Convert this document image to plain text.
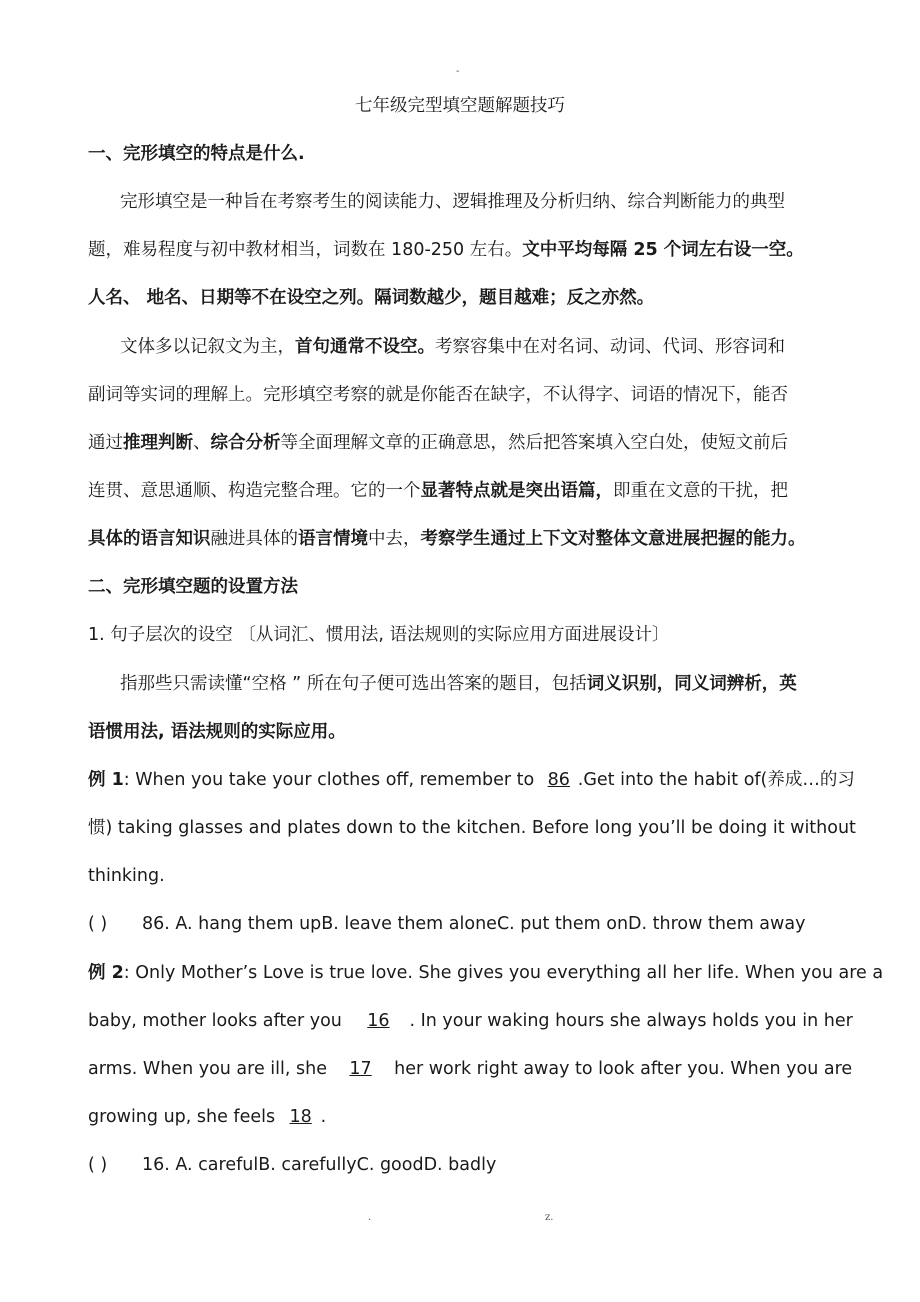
-
七年级完型填空题解题技巧
一、完形填空的特点是什么.
完形填空是一种旨在考察考生的阅读能力、逻辑推理及分析归纳、综合判断能力的典型
题，难易程度与初中教材相当，词数在 180-250 左右。文中平均每隔 25 个词左右设一空。
人名、 地名、日期等不在设空之列。隔词数越少，题目越难；反之亦然。
文体多以记叙文为主，首句通常不设空。考察容集中在对名词、动词、代词、形容词和
副词等实词的理解上。完形填空考察的就是你能否在缺字，不认得字、词语的情况下，能否
通过推理判断、综合分析等全面理解文章的正确意思，然后把答案填入空白处，使短文前后
连贯、意思通顺、构造完整合理。它的一个显著特点就是突出语篇，即重在文意的干扰，把
具体的语言知识融进具体的语言情境中去，考察学生通过上下文对整体文意进展把握的能力。
二、完形填空题的设置方法
1. 句子层次的设空 〔从词汇、惯用法, 语法规则的实际应用方面进展设计〕
指那些只需读懂“空格 ” 所在句子便可选出答案的题目，包括词义识别，同义词辨析，英
语惯用法, 语法规则的实际应用。
例 1: When you take your clothes off, remember to 86 .Get into the habit of(养成…的习
惯) taking glasses and plates down to the kitchen. Before long you’ll be doing it without
thinking.
( ) 86. A. hang them upB. leave them aloneC. put them onD. throw them away
例 2: Only Mother’s Love is true love. She gives you everything all her life. When you are a
baby, mother looks after you 16 . In your waking hours she always holds you in her
arms. When you are ill, she 17 her work right away to look after you. When you are
growing up, she feels 18 .
( ) 16. A. carefulB. carefullyC. goodD. badly
.	z.
